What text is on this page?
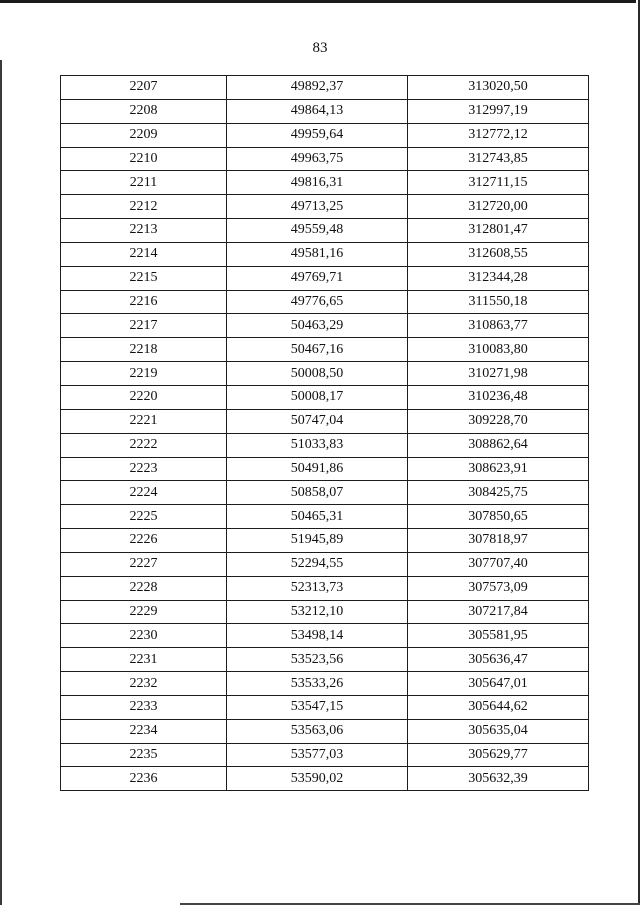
83
2207	49892,37	313020,50
2208	49864,13	312997,19
2209	49959,64	312772,12
2210	49963,75	312743,85
2211	49816,31	312711,15
2212	49713,25	312720,00
2213	49559,48	312801,47
2214	49581,16	312608,55
2215	49769,71	312344,28
2216	49776,65	311550,18
2217	50463,29	310863,77
2218	50467,16	310083,80
2219	50008,50	310271,98
2220	50008,17	310236,48
2221	50747,04	309228,70
2222	51033,83	308862,64
2223	50491,86	308623,91
2224	50858,07	308425,75
2225	50465,31	307850,65
2226	51945,89	307818,97
2227	52294,55	307707,40
2228	52313,73	307573,09
2229	53212,10	307217,84
2230	53498,14	305581,95
2231	53523,56	305636,47
2232	53533,26	305647,01
2233	53547,15	305644,62
2234	53563,06	305635,04
2235	53577,03	305629,77
2236	53590,02	305632,39
